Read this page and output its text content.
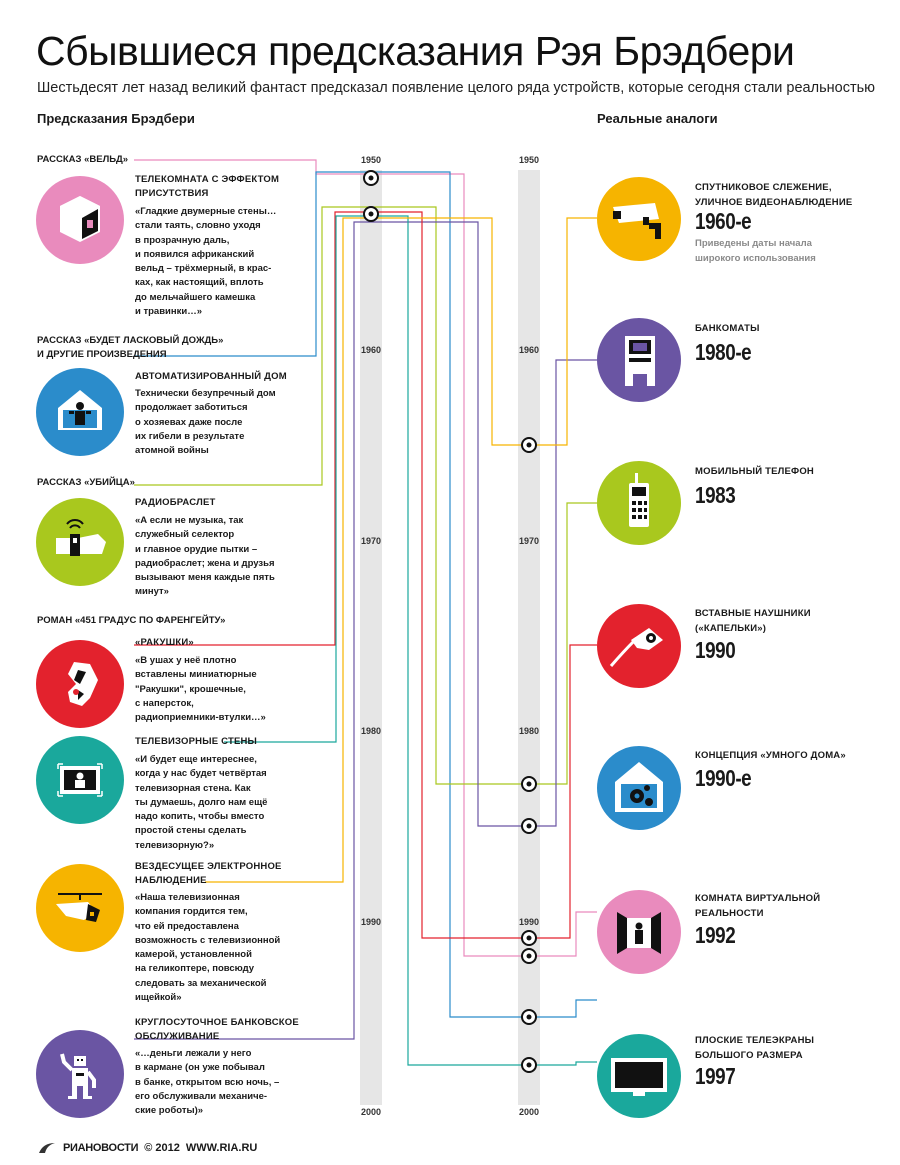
Сбывшиеся предсказания Рэя Брэдбери
Шестьдесят лет назад великий фантаст предсказал появление целого ряда устройств, которые сегодня стали реальностью
Предсказания Брэдбери	Реальные аналоги
1950
1960
1970
1980
1990
2000
1950
1960
1970
1980
1990
2000
РАССКАЗ «ВЕЛЬД»
РАССКАЗ «БУДЕТ ЛАСКОВЫЙ ДОЖДЬ»
И ДРУГИЕ ПРОИЗВЕДЕНИЯ
РАССКАЗ «УБИЙЦА»
РОМАН «451 ГРАДУС ПО ФАРЕНГЕЙТУ»
ТЕЛЕКОМНАТА С ЭФФЕКТОМ
ПРИСУТСТВИЯ
«Гладкие двумерные стены…
стали таять, словно уходя
в прозрачную даль,
и появился африканский
вельд – трёхмерный, в крас-
ках, как настоящий, вплоть
до мельчайшего камешка
и травинки…»
АВТОМАТИЗИРОВАННЫЙ ДОМ
Технически безупречный дом
продолжает заботиться
о хозяевах даже после
их гибели в результате
атомной войны
РАДИОБРАСЛЕТ
«А если не музыка, так
служебный селектор
и главное орудие пытки –
радиобраслет; жена и друзья
вызывают меня каждые пять
минут»
«РАКУШКИ»
«В ушах у неё плотно
вставлены миниатюрные
"Ракушки", крошечные,
с наперсток,
радиоприемники-втулки…»
ТЕЛЕВИЗОРНЫЕ СТЕНЫ
«И будет еще интереснее,
когда у нас будет четвёртая
телевизорная стена. Как
ты думаешь, долго нам ещё
надо копить, чтобы вместо
простой стены сделать
телевизорную?»
ВЕЗДЕСУЩЕЕ ЭЛЕКТРОННОЕ
НАБЛЮДЕНИЕ
«Наша телевизионная
компания гордится тем,
что ей предоставлена
возможность с телевизионной
камерой, установленной
на геликоптере, повсюду
следовать за механической
ищейкой»
КРУГЛОСУТОЧНОЕ БАНКОВСКОЕ
ОБСЛУЖИВАНИЕ
«…деньги лежали у него
в кармане (он уже побывал
в банке, открытом всю ночь, –
его обслуживали механиче-
ские роботы)»
СПУТНИКОВОЕ СЛЕЖЕНИЕ,
УЛИЧНОЕ ВИДЕОНАБЛЮДЕНИЕ
1960-е
Приведены даты начала
широкого использования
БАНКОМАТЫ
1980-е
МОБИЛЬНЫЙ ТЕЛЕФОН
1983
ВСТАВНЫЕ НАУШНИКИ
(«КАПЕЛЬКИ»)
1990
КОНЦЕПЦИЯ «УМНОГО ДОМА»
1990-е
КОМНАТА ВИРТУАЛЬНОЙ
РЕАЛЬНОСТИ
1992
ПЛОСКИЕ ТЕЛЕЭКРАНЫ
БОЛЬШОГО РАЗМЕРА
1997
РИАНОВОСТИ © 2012 WWW.RIA.RU
